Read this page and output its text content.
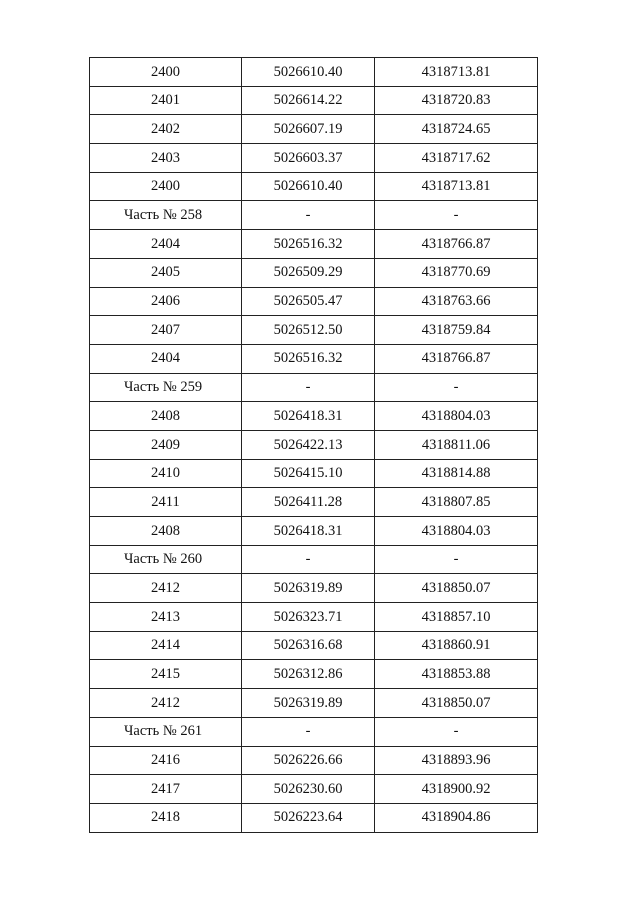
2400	5026610.40	4318713.81
2401	5026614.22	4318720.83
2402	5026607.19	4318724.65
2403	5026603.37	4318717.62
2400	5026610.40	4318713.81
Часть № 258	-	-
2404	5026516.32	4318766.87
2405	5026509.29	4318770.69
2406	5026505.47	4318763.66
2407	5026512.50	4318759.84
2404	5026516.32	4318766.87
Часть № 259	-	-
2408	5026418.31	4318804.03
2409	5026422.13	4318811.06
2410	5026415.10	4318814.88
2411	5026411.28	4318807.85
2408	5026418.31	4318804.03
Часть № 260	-	-
2412	5026319.89	4318850.07
2413	5026323.71	4318857.10
2414	5026316.68	4318860.91
2415	5026312.86	4318853.88
2412	5026319.89	4318850.07
Часть № 261	-	-
2416	5026226.66	4318893.96
2417	5026230.60	4318900.92
2418	5026223.64	4318904.86
